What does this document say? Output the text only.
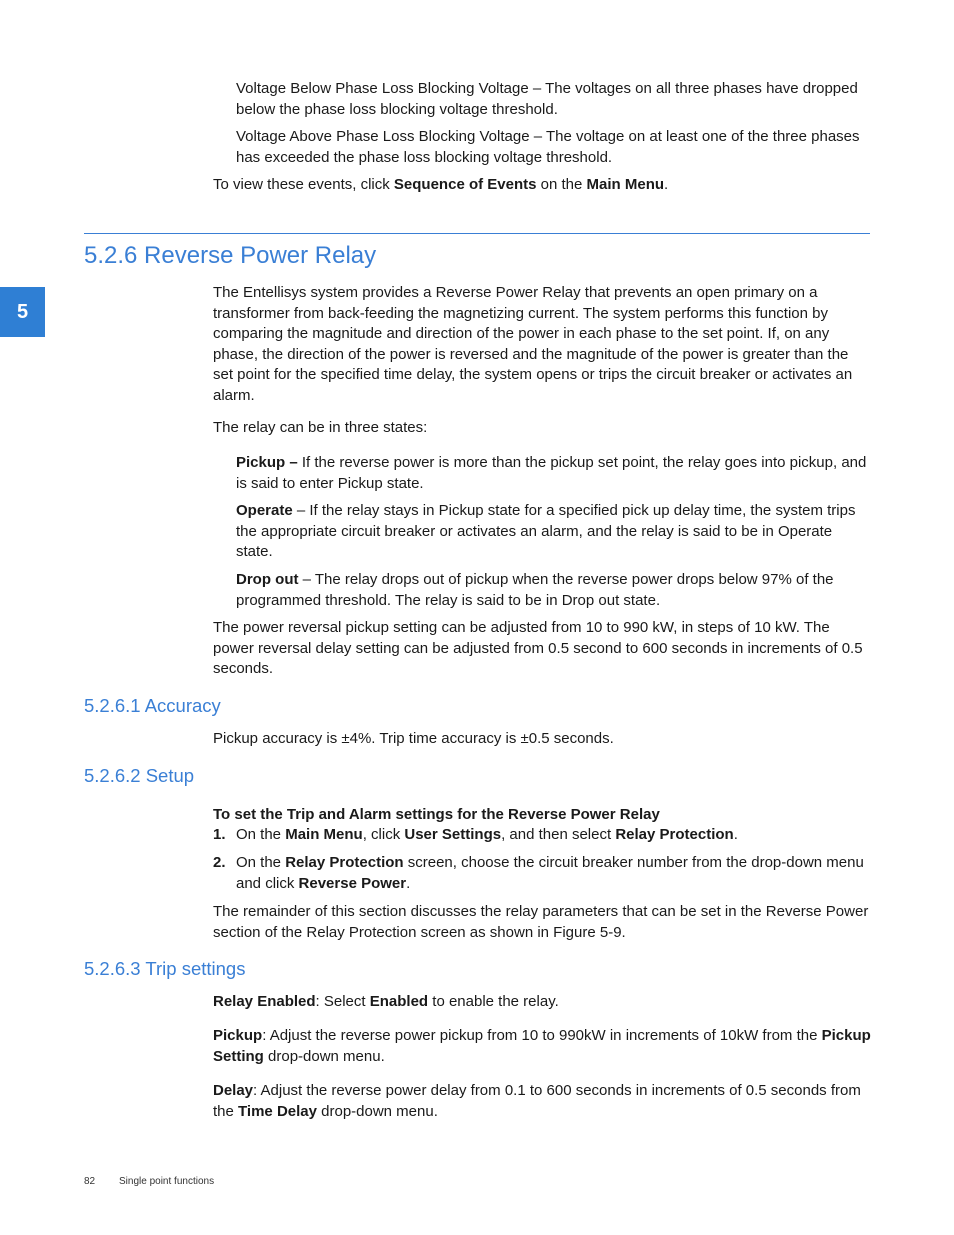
Voltage Below Phase Loss Blocking Voltage – The voltages on all three phases have dropped below the phase loss blocking voltage threshold.

Voltage Above Phase Loss Blocking Voltage – The voltage on at least one of the three phases has exceeded the phase loss blocking voltage threshold.

To view these events, click Sequence of Events on the Main Menu.

5.2.6 Reverse Power Relay
5

The Entellisys system provides a Reverse Power Relay that prevents an open primary on a transformer from back-feeding the magnetizing current. The system performs this function by comparing the magnitude and direction of the power in each phase to the set point. If, on any phase, the direction of the power is reversed and the magnitude of the power is greater than the set point for the specified time delay, the system opens or trips the circuit breaker or activates an alarm.

The relay can be in three states:

Pickup – If the reverse power is more than the pickup set point, the relay goes into pickup, and is said to enter Pickup state.

Operate – If the relay stays in Pickup state for a specified pick up delay time, the system trips the appropriate circuit breaker or activates an alarm, and the relay is said to be in Operate state.

Drop out – The relay drops out of pickup when the reverse power drops below 97% of the programmed threshold. The relay is said to be in Drop out state.

The power reversal pickup setting can be adjusted from 10 to 990 kW, in steps of 10 kW. The power reversal delay setting can be adjusted from 0.5 second to 600 seconds in increments of 0.5 seconds.

5.2.6.1 Accuracy

Pickup accuracy is ±4%. Trip time accuracy is ±0.5 seconds.

5.2.6.2 Setup

To set the Trip and Alarm settings for the Reverse Power Relay

1. On the Main Menu, click User Settings, and then select Relay Protection.

2. On the Relay Protection screen, choose the circuit breaker number from the drop-down menu and click Reverse Power.

The remainder of this section discusses the relay parameters that can be set in the Reverse Power section of the Relay Protection screen as shown in Figure 5-9.

5.2.6.3 Trip settings

Relay Enabled: Select Enabled to enable the relay.

Pickup: Adjust the reverse power pickup from 10 to 990kW in increments of 10kW from the Pickup Setting drop-down menu.

Delay: Adjust the reverse power delay from 0.1 to 600 seconds in increments of 0.5 seconds from the Time Delay drop-down menu.

82 Single point functions
